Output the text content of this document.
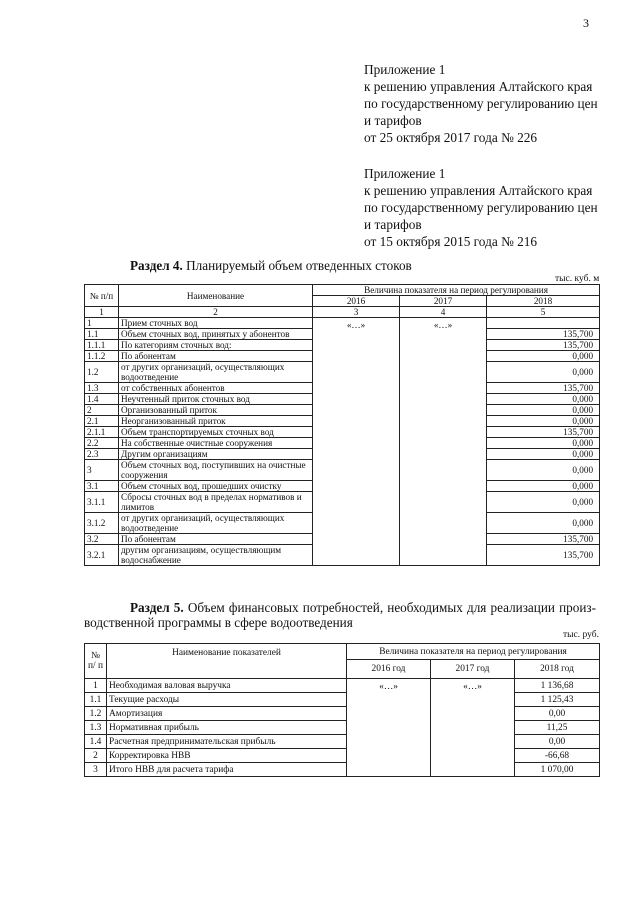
3
Приложение 1
к решению управления Алтайского края
по государственному регулированию цен
и тарифов
от 25 октября 2017 года № 226
Приложение 1
к решению управления Алтайского края
по государственному регулированию цен
и тарифов
от 15 октября 2015 года № 216
Раздел 4. Планируемый объем отведенных стоков
тыс. куб. м
№ п/п	Наименование	Величина показателя на период регулирования		
		2016	2017	2018
1	2	3	4	5
1	Прием сточных вод	«…»	«…»	
1.1	Объем сточных вод, принятых у абонентов			135,700
1.1.1	По категориям сточных вод:			135,700
1.1.2	По абонентам			0,000
1.2	от других организаций, осуществляющих водоотведение			0,000
1.3	от собственных абонентов			135,700
1.4	Неучтенный приток сточных вод			0,000
2	Организованный приток			0,000
2.1	Неорганизованный приток			0,000
2.1.1	Объем транспортируемых сточных вод			135,700
2.2	На собственные очистные сооружения			0,000
2.3	Другим организациям			0,000
3	Объем сточных вод, поступивших на очистные сооружения			0,000
3.1	Объем сточных вод, прошедших очистку			0,000
3.1.1	Сбросы сточных вод в пределах нормативов и лимитов			0,000
3.1.2	от других организаций, осуществляющих водоотведение			0,000
3.2	По абонентам			135,700
3.2.1	другим организациям, осуществляющим водоснабжение			135,700
Раздел 5. Объем финансовых потребностей, необходимых для реализации произ-
водственной программы в сфере водоотведения
тыс. руб.
№ п/ п	Наименование показателей	Величина показателя на период регулирования		
		2016 год	2017 год	2018 год
1	Необходимая валовая выручка	«…»	«…»	1 136,68
1.1	Текущие расходы			1 125,43
1.2	Амортизация			0,00
1.3	Нормативная прибыль			11,25
1.4	Расчетная предпринимательская прибыль			0,00
2	Корректировка НВВ			-66,68
3	Итого НВВ для расчета тарифа			1 070,00
